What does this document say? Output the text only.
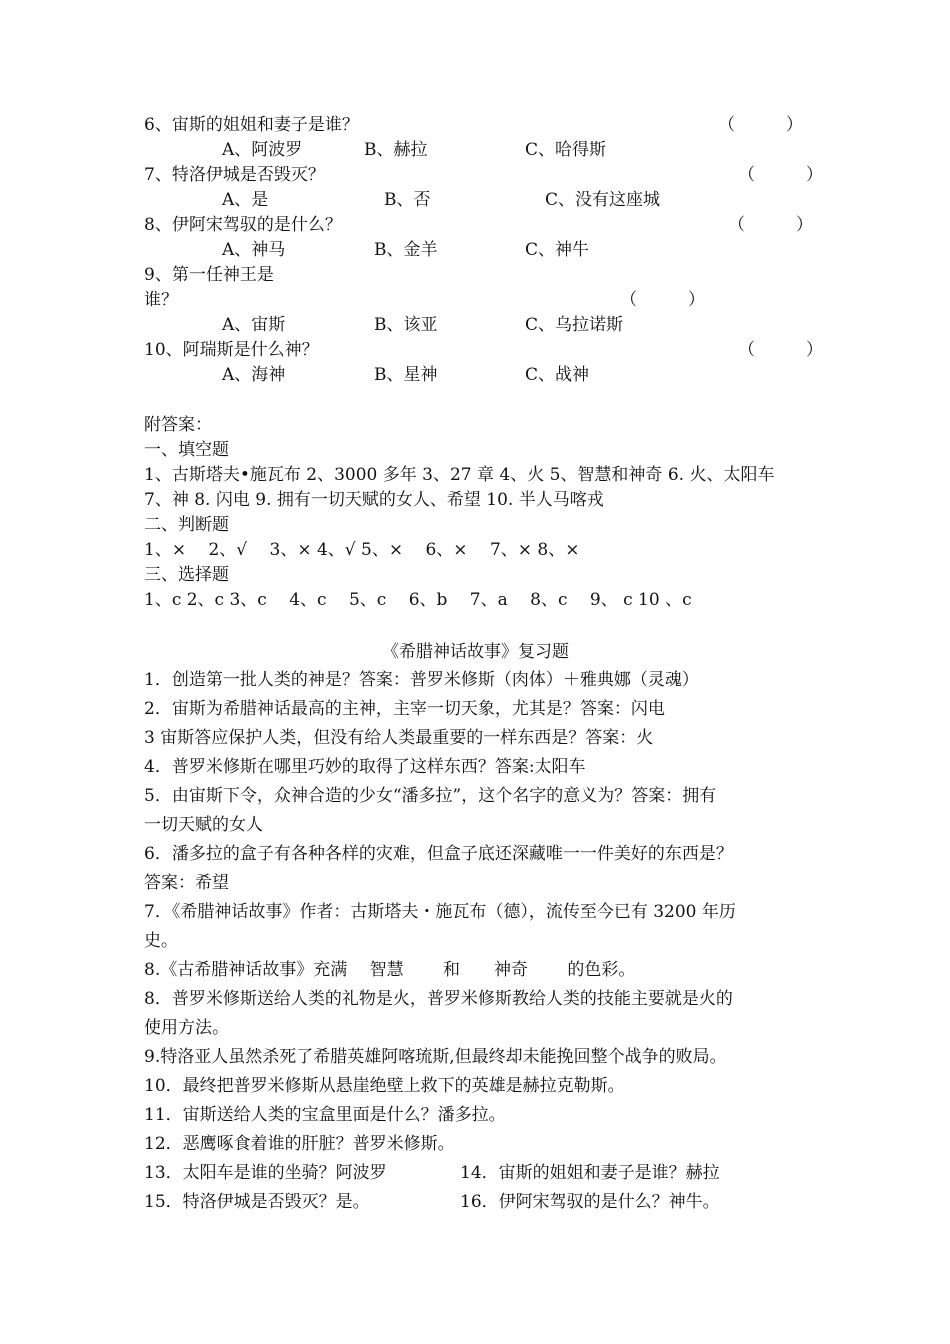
6、宙斯的姐姐和妻子是谁？	（　　　）
A、阿波罗	B、赫拉	C、哈得斯
7、特洛伊城是否毁灭？	（　　　）
A、是	B、否	C、没有这座城
8、伊阿宋驾驭的是什么？	（　　　）
A、神马	B、金羊	C、神牛
9、第一任神王是
谁？	（　　　）
A、宙斯	B、该亚	C、乌拉诺斯
10、阿瑞斯是什么神？	（　　　）
A、海神	B、星神	C、战神
附答案：
一、填空题
1、古斯塔夫•施瓦布 2、3000 多年 3、27 章 4、火 5、智慧和神奇 6. 火、太阳车
7、神 8. 闪电 9. 拥有一切天赋的女人、希望 10. 半人马喀戎
二、判断题
1、×　 2、√　 3、× 4、√ 5、×　 6、×　 7、× 8、×
三、选择题
1、c 2、c 3、c　 4、c　 5、c　 6、b　 7、a　 8、c　 9、 c 10 、c
《希腊神话故事》复习题
1．创造第一批人类的神是？答案：普罗米修斯（肉体）＋雅典娜（灵魂）
2．宙斯为希腊神话最高的主神，主宰一切天象，尤其是？答案：闪电
3 宙斯答应保护人类，但没有给人类最重要的一样东西是？答案：火
4．普罗米修斯在哪里巧妙的取得了这样东西？答案:太阳车
5．由宙斯下令，众神合造的少女“潘多拉”，这个名字的意义为？答案：拥有
一切天赋的女人
6．潘多拉的盒子有各种各样的灾难，但盒子底还深藏唯一一件美好的东西是？
答案：希望
7．《希腊神话故事》作者：古斯塔夫・施瓦布（德），流传至今已有 3200 年历
史。
8.《古希腊神话故事》充满　 智慧　　 和　　神奇　　 的色彩。
8．普罗米修斯送给人类的礼物是火，普罗米修斯教给人类的技能主要就是火的
使用方法。
9.特洛亚人虽然杀死了希腊英雄阿喀琉斯,但最终却未能挽回整个战争的败局。
10．最终把普罗米修斯从悬崖绝壁上救下的英雄是赫拉克勒斯。
11．宙斯送给人类的宝盒里面是什么？潘多拉。
12．恶鹰啄食着谁的肝脏？普罗米修斯。
13．太阳车是谁的坐骑？阿波罗	14．宙斯的姐姐和妻子是谁？赫拉
15．特洛伊城是否毁灭？是。	16．伊阿宋驾驭的是什么？神牛。
